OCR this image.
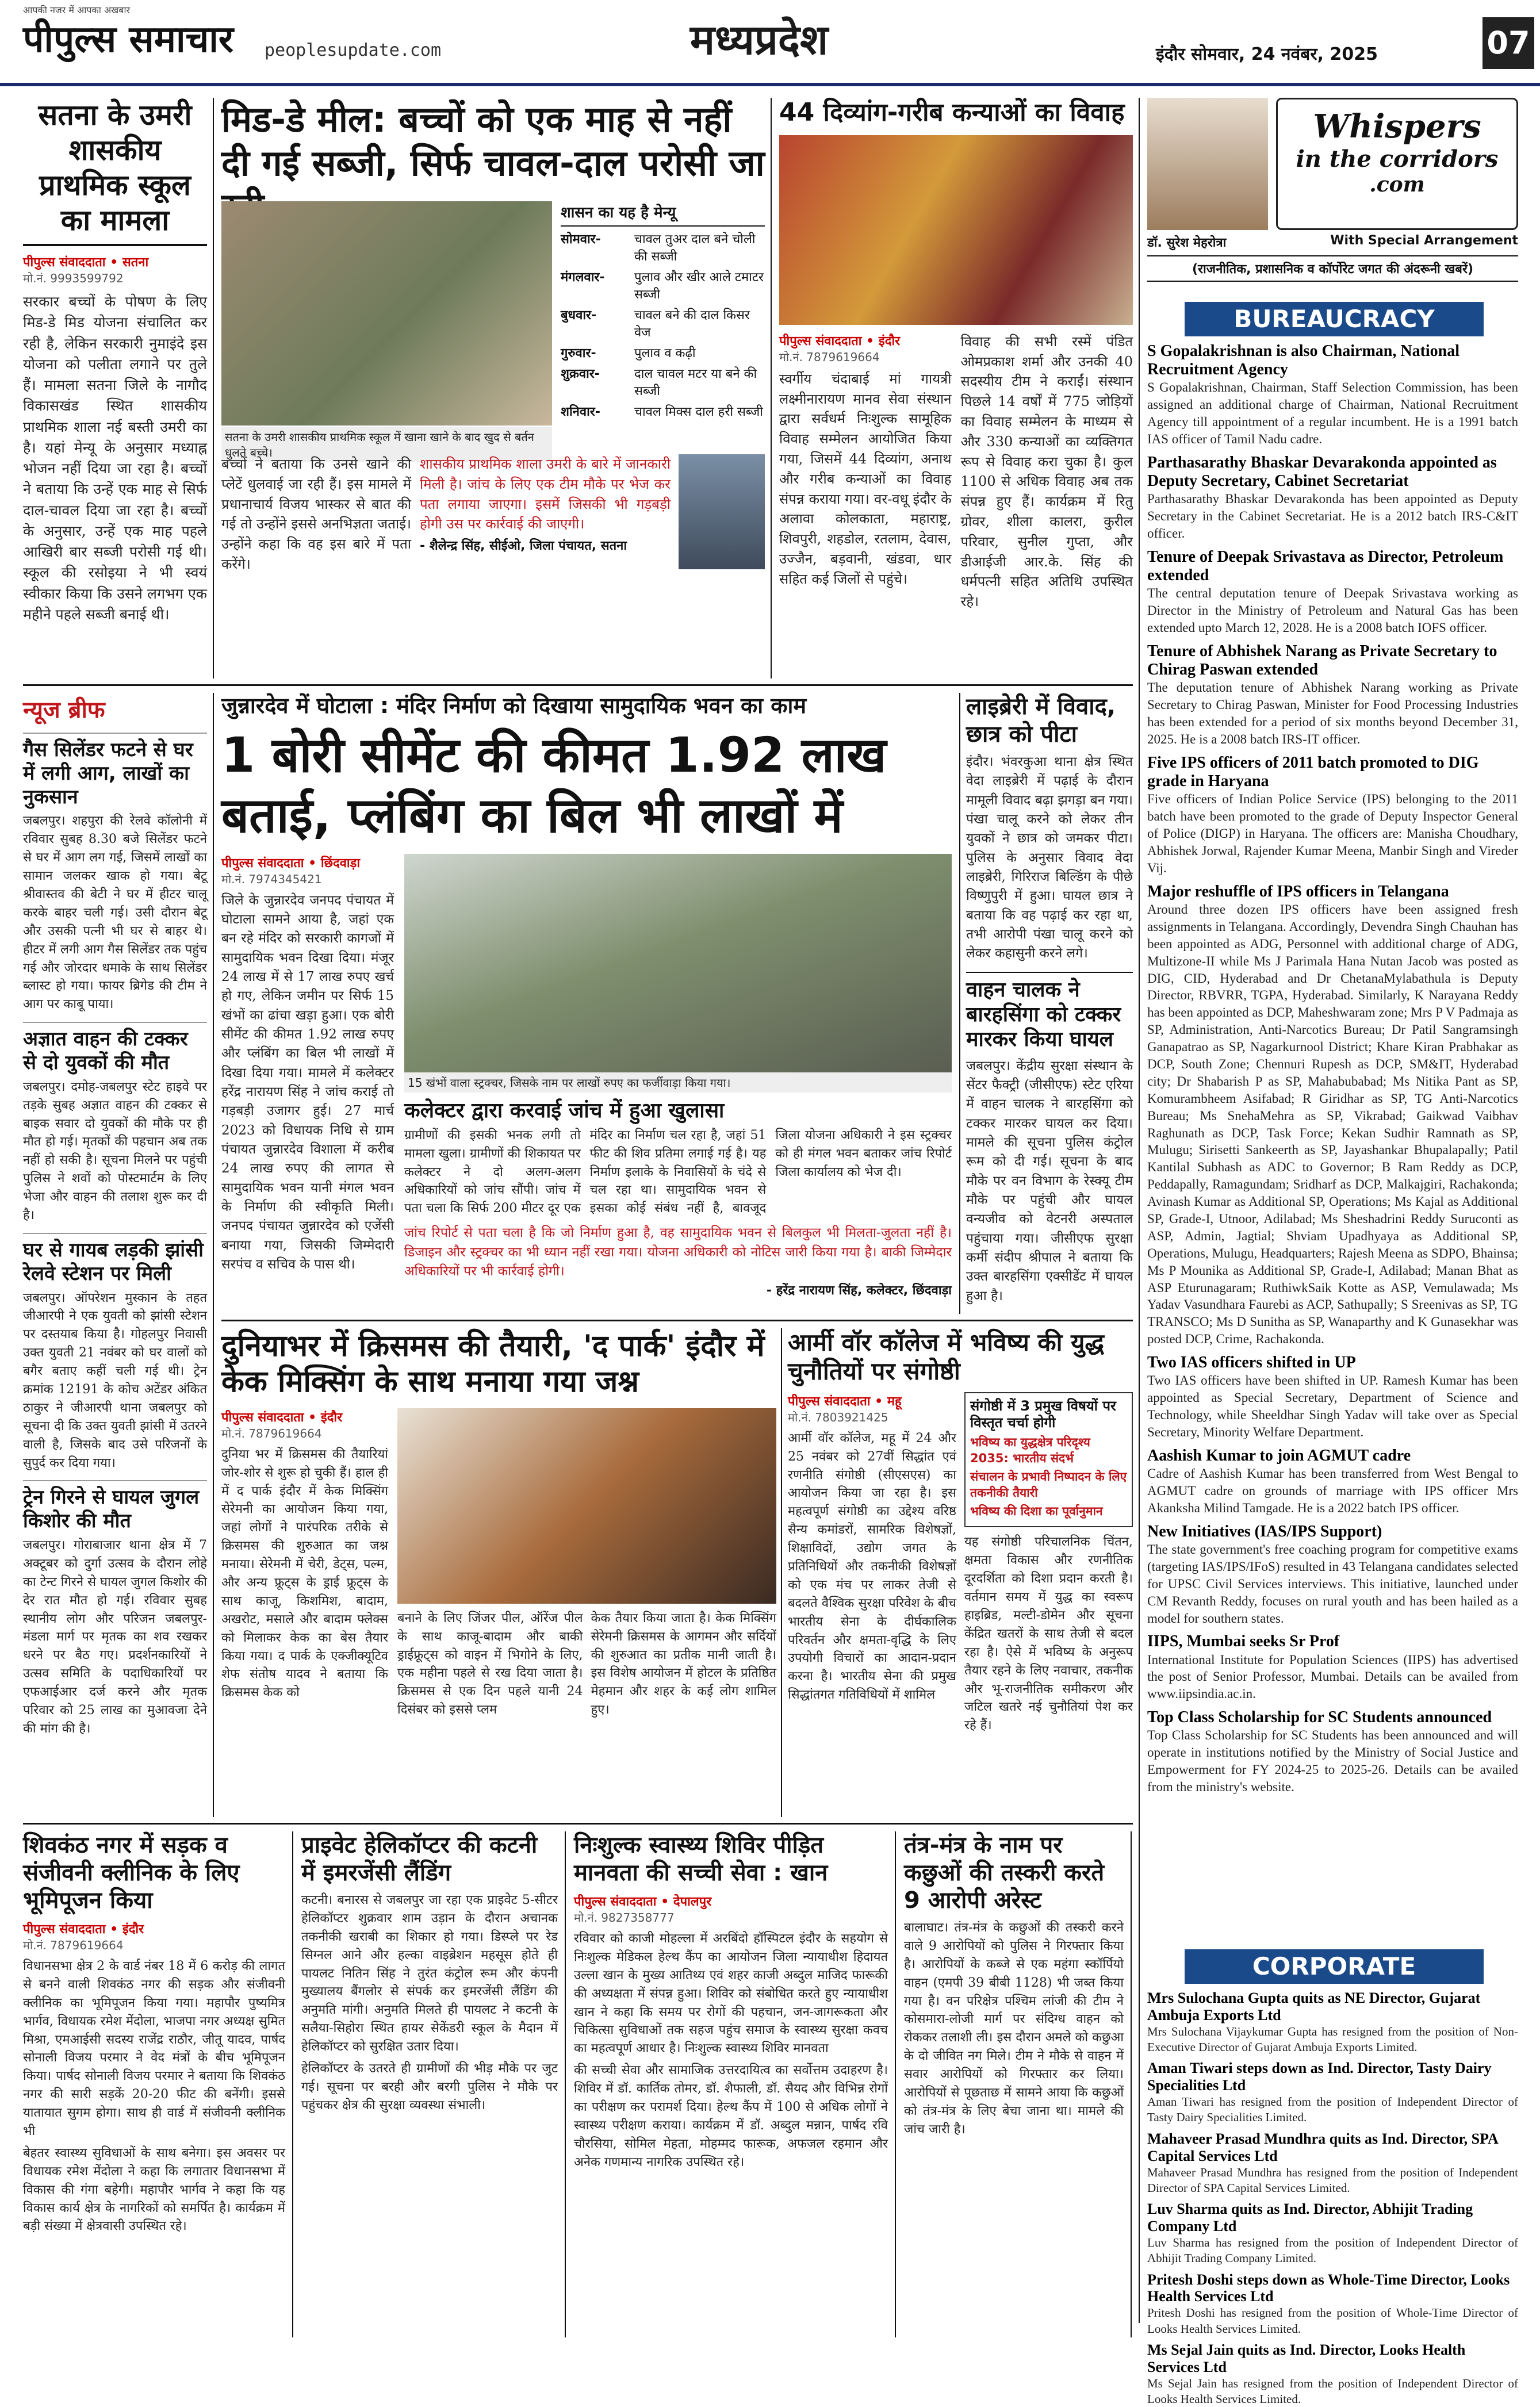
आपकी नजर में आपका अखबार
पीपुल्स समाचार peoplesupdate.com	मध्यप्रदेश	इंदौर सोमवार, 24 नवंबर, 2025	07
सतना के उमरी शासकीय प्राथमिक स्कूल का मामला
पीपुल्स संवाददाता • सतना
मो.नं. 9993599792
सरकार बच्चों के पोषण के लिए मिड-डे मिड योजना संचालित कर रही है, लेकिन सरकारी नुमाइंदे इस योजना को पलीता लगाने पर तुले हैं। मामला सतना जिले के नागौद विकासखंड स्थित शासकीय प्राथमिक शाला नई बस्ती उमरी का है। यहां मेन्यू के अनुसार मध्याह्न भोजन नहीं दिया जा रहा है। बच्चों ने बताया कि उन्हें एक माह से सिर्फ दाल-चावल दिया जा रहा है। बच्चों के अनुसार, उन्हें एक माह पहले आखिरी बार सब्जी परोसी गई थी। स्कूल की रसोइया ने भी स्वयं स्वीकार किया कि उसने लगभग एक महीने पहले सब्जी बनाई थी।
मिड-डे मील: बच्चों को एक माह से नहीं दी गई सब्जी, सिर्फ चावल-दाल परोसी जा
सतना के उमरी शासकीय प्राथमिक स्कूल में खाना खाने के बाद खुद से बर्तन धुलते बच्चे।
शासन का यह है मेन्यू
सोमवार-	चावल तुअर दाल बने चोली की सब्जी
मंगलवार-	पुलाव और खीर आले टमाटर सब्जी
बुधवार-	चावल बने की दाल किसर वेज
गुरुवार-	पुलाव व कढ़ी
शुक्रवार-	दाल चावल मटर या बने की सब्जी
शनिवार-	चावल मिक्स दाल हरी सब्जी
बच्चों ने बताया कि उनसे खाने की प्लेटें धुलवाई जा रही हैं। इस मामले में प्रधानाचार्य विजय भास्कर से बात की गई तो उन्होंने इससे अनभिज्ञता जताई। उन्होंने कहा कि वह इस बारे में पता करेंगे।
शासकीय प्राथमिक शाला उमरी के बारे में जानकारी मिली है। जांच के लिए एक टीम मौके पर भेज कर पता लगाया जाएगा। इसमें जिसकी भी गड़बड़ी होगी उस पर कार्रवाई की जाएगी।
- शैलेन्द्र सिंह, सीईओ, जिला पंचायत, सतना
44 दिव्यांग-गरीब कन्याओं का विवाह
पीपुल्स संवाददाता • इंदौर
मो.नं. 7879619664
स्वर्गीय चंदाबाई मां गायत्री लक्ष्मीनारायण मानव सेवा संस्थान द्वारा सर्वधर्म निःशुल्क सामूहिक विवाह सम्मेलन आयोजित किया गया, जिसमें 44 दिव्यांग, अनाथ और गरीब कन्याओं का विवाह संपन्न कराया गया। वर-वधू इंदौर के अलावा कोलकाता, महाराष्ट्र, शिवपुरी, शहडोल, रतलाम, देवास, उज्जैन, बड़वानी, खंडवा, धार सहित कई जिलों से पहुंचे।
विवाह की सभी रस्में पंडित ओमप्रकाश शर्मा और उनकी 40 सदस्यीय टीम ने कराईं। संस्थान पिछले 14 वर्षों में 775 जोड़ियों का विवाह सम्मेलन के माध्यम से और 330 कन्याओं का व्यक्तिगत रूप से विवाह करा चुका है। कुल 1100 से अधिक विवाह अब तक संपन्न हुए हैं। कार्यक्रम में रितु ग्रोवर, शीला कालरा, कुरील परिवार, सुनील गुप्ता, और डीआईजी आर.के. सिंह की धर्मपत्नी सहित अतिथि उपस्थित रहे।
Whispers
in the corridors
.com
डॉ. सुरेश मेहरोत्रा	With Special Arrangement
(राजनीतिक, प्रशासनिक व कॉर्पोरेट जगत की अंदरूनी खबरें)
BUREAUCRACY
S Gopalakrishnan is also Chairman, National Recruitment Agency
S Gopalakrishnan, Chairman, Staff Selection Commission, has been assigned an additional charge of Chairman, National Recruitment Agency till appointment of a regular incumbent. He is a 1991 batch IAS officer of Tamil Nadu cadre.
Parthasarathy Bhaskar Devarakonda appointed as Deputy Secretary, Cabinet Secretariat
Parthasarathy Bhaskar Devarakonda has been appointed as Deputy Secretary in the Cabinet Secretariat. He is a 2012 batch IRS-C&IT officer.
Tenure of Deepak Srivastava as Director, Petroleum extended
The central deputation tenure of Deepak Srivastava working as Director in the Ministry of Petroleum and Natural Gas has been extended upto March 12, 2028. He is a 2008 batch IOFS officer.
Tenure of Abhishek Narang as Private Secretary to Chirag Paswan extended
The deputation tenure of Abhishek Narang working as Private Secretary to Chirag Paswan, Minister for Food Processing Industries has been extended for a period of six months beyond December 31, 2025. He is a 2008 batch IRS-IT officer.
Five IPS officers of 2011 batch promoted to DIG grade in Haryana
Five officers of Indian Police Service (IPS) belonging to the 2011 batch have been promoted to the grade of Deputy Inspector General of Police (DIGP) in Haryana. The officers are: Manisha Choudhary, Abhishek Jorwal, Rajender Kumar Meena, Manbir Singh and Vireder Vij.
Major reshuffle of IPS officers in Telangana
Around three dozen IPS officers have been assigned fresh assignments in Telangana. Accordingly, Devendra Singh Chauhan has been appointed as ADG, Personnel with additional charge of ADG, Multizone-II while Ms J Parimala Hana Nutan Jacob was posted as DIG, CID, Hyderabad and Dr ChetanaMylabathula is Deputy Director, RBVRR, TGPA, Hyderabad. Similarly, K Narayana Reddy has been appointed as DCP, Maheshwaram zone; Mrs P V Padmaja as SP, Administration, Anti-Narcotics Bureau; Dr Patil Sangramsingh Ganapatrao as SP, Nagarkurnool District; Khare Kiran Prabhakar as DCP, South Zone; Chennuri Rupesh as DCP, SM&IT, Hyderabad city; Dr Shabarish P as SP, Mahabubabad; Ms Nitika Pant as SP, Komurambheem Asifabad; R Giridhar as SP, TG Anti-Narcotics Bureau; Ms SnehaMehra as SP, Vikrabad; Gaikwad Vaibhav Raghunath as DCP, Task Force; Kekan Sudhir Ramnath as SP, Mulugu; Sirisetti Sankeerth as SP, Jayashankar Bhupalapally; Patil Kantilal Subhash as ADC to Governor; B Ram Reddy as DCP, Peddapally, Ramagundam; Sridharf as DCP, Malkajgiri, Rachakonda; Avinash Kumar as Additional SP, Operations; Ms Kajal as Additional SP, Grade-I, Utnoor, Adilabad; Ms Sheshadrini Reddy Suruconti as ASP, Admin, Jagtial; Shviam Upadhyaya as Additional SP, Operations, Mulugu, Headquarters; Rajesh Meena as SDPO, Bhainsa; Ms P Mounika as Additional SP, Grade-I, Adilabad; Manan Bhat as ASP Eturunagaram; RuthiwkSaik Kotte as ASP, Vemulawada; Ms Yadav Vasundhara Faurebi as ACP, Sathupally; S Sreenivas as SP, TG TRANSCO; Ms D Sunitha as SP, Wanaparthy and K Gunasekhar was posted DCP, Crime, Rachakonda.
Two IAS officers shifted in UP
Two IAS officers have been shifted in UP. Ramesh Kumar has been appointed as Special Secretary, Department of Science and Technology, while Sheeldhar Singh Yadav will take over as Special Secretary, Minority Welfare Department.
Aashish Kumar to join AGMUT cadre
Cadre of Aashish Kumar has been transferred from West Bengal to AGMUT cadre on grounds of marriage with IPS officer Mrs Akanksha Milind Tamgade. He is a 2022 batch IPS officer.
New Initiatives (IAS/IPS Support)
The state government's free coaching program for competitive exams (targeting IAS/IPS/IFoS) resulted in 43 Telangana candidates selected for UPSC Civil Services interviews. This initiative, launched under CM Revanth Reddy, focuses on rural youth and has been hailed as a model for southern states.
IIPS, Mumbai seeks Sr Prof
International Institute for Population Sciences (IIPS) has advertised the post of Senior Professor, Mumbai. Details can be availed from www.iipsindia.ac.in.
Top Class Scholarship for SC Students announced
Top Class Scholarship for SC Students has been announced and will operate in institutions notified by the Ministry of Social Justice and Empowerment for FY 2024-25 to 2025-26. Details can be availed from the ministry's website.
CORPORATE
Mrs Sulochana Gupta quits as NE Director, Gujarat Ambuja Exports Ltd
Mrs Sulochana Vijaykumar Gupta has resigned from the position of Non-Executive Director of Gujarat Ambuja Exports Limited.
Aman Tiwari steps down as Ind. Director, Tasty Dairy Specialities Ltd
Aman Tiwari has resigned from the position of Independent Director of Tasty Dairy Specialities Limited.
Mahaveer Prasad Mundhra quits as Ind. Director, SPA Capital Services Ltd
Mahaveer Prasad Mundhra has resigned from the position of Independent Director of SPA Capital Services Limited.
Luv Sharma quits as Ind. Director, Abhijit Trading Company Ltd
Luv Sharma has resigned from the position of Independent Director of Abhijit Trading Company Limited.
Pritesh Doshi steps down as Whole-Time Director, Looks Health Services Ltd
Pritesh Doshi has resigned from the position of Whole-Time Director of Looks Health Services Limited.
Ms Sejal Jain quits as Ind. Director, Looks Health Services Ltd
Ms Sejal Jain has resigned from the position of Independent Director of Looks Health Services Limited.
न्यूज ब्रीफ
गैस सिलेंडर फटने से घर में लगी आग, लाखों का नुकसान
जबलपुर। शहपुरा की रेलवे कॉलोनी में रविवार सुबह 8.30 बजे सिलेंडर फटने से घर में आग लग गई, जिसमें लाखों का सामान जलकर खाक हो गया। बेटू श्रीवास्तव की बेटी ने घर में हीटर चालू करके बाहर चली गई। उसी दौरान बेटू और उसकी पत्नी भी घर से बाहर थे। हीटर में लगी आग गैस सिलेंडर तक पहुंच गई और जोरदार धमाके के साथ सिलेंडर ब्लास्ट हो गया। फायर ब्रिगेड की टीम ने आग पर काबू पाया।
अज्ञात वाहन की टक्कर से दो युवकों की मौत
जबलपुर। दमोह-जबलपुर स्टेट हाइवे पर तड़के सुबह अज्ञात वाहन की टक्कर से बाइक सवार दो युवकों की मौके पर ही मौत हो गई। मृतकों की पहचान अब तक नहीं हो सकी है। सूचना मिलने पर पहुंची पुलिस ने शवों को पोस्टमार्टम के लिए भेजा और वाहन की तलाश शुरू कर दी है।
घर से गायब लड़की झांसी रेलवे स्टेशन पर मिली
जबलपुर। ऑपरेशन मुस्कान के तहत जीआरपी ने एक युवती को झांसी स्टेशन पर दस्तयाब किया है। गोहलपुर निवासी उक्त युवती 21 नवंबर को घर वालों को बगैर बताए कहीं चली गई थी। ट्रेन क्रमांक 12191 के कोच अटेंडर अंकित ठाकुर ने जीआरपी थाना जबलपुर को सूचना दी कि उक्त युवती झांसी में उतरने वाली है, जिसके बाद उसे परिजनों के सुपुर्द कर दिया गया।
ट्रेन गिरने से घायल जुगल किशोर की मौत
जबलपुर। गोराबाजार थाना क्षेत्र में 7 अक्टूबर को दुर्गा उत्सव के दौरान लोहे का टेन्ट गिरने से घायल जुगल किशोर की देर रात मौत हो गई। रविवार सुबह स्थानीय लोग और परिजन जबलपुर-मंडला मार्ग पर मृतक का शव रखकर धरने पर बैठ गए। प्रदर्शनकारियों ने उत्सव समिति के पदाधिकारियों पर एफआईआर दर्ज करने और मृतक परिवार को 25 लाख का मुआवजा देने की मांग की है।
जुन्नारदेव में घोटाला : मंदिर निर्माण को दिखाया सामुदायिक भवन का काम
1 बोरी सीमेंट की कीमत 1.92 लाख बताई, प्लंबिंग का बिल भी लाखों में
पीपुल्स संवाददाता • छिंदवाड़ा
मो.नं. 7974345421
जिले के जुन्नारदेव जनपद पंचायत में घोटाला सामने आया है, जहां एक बन रहे मंदिर को सरकारी कागजों में सामुदायिक भवन दिखा दिया। मंजूर 24 लाख में से 17 लाख रुपए खर्च हो गए, लेकिन जमीन पर सिर्फ 15 खंभों का ढांचा खड़ा हुआ। एक बोरी सीमेंट की कीमत 1.92 लाख रुपए और प्लंबिंग का बिल भी लाखों में दिखा दिया गया। मामले में कलेक्टर हरेंद्र नारायण सिंह ने जांच कराई तो गड़बड़ी उजागर हुई। 27 मार्च 2023 को विधायक निधि से ग्राम पंचायत जुन्नारदेव विशाला में करीब 24 लाख रुपए की लागत से सामुदायिक भवन यानी मंगल भवन के निर्माण की स्वीकृति मिली। जनपद पंचायत जुन्नारदेव को एजेंसी बनाया गया, जिसकी जिम्मेदारी सरपंच व सचिव के पास थी।
15 खंभों वाला स्ट्रक्चर, जिसके नाम पर लाखों रुपए का फर्जीवाड़ा किया गया।
कलेक्टर द्वारा करवाई जांच में हुआ खुलासा
ग्रामीणों की इसकी भनक लगी तो मामला खुला। ग्रामीणों की शिकायत पर कलेक्टर ने दो अलग-अलग अधिकारियों को जांच सौंपी। जांच में पता चला कि सिर्फ 200 मीटर दूर एक मंदिर का निर्माण चल रहा है, जहां 51 फीट की शिव प्रतिमा लगाई गई है। यह निर्माण इलाके के निवासियों के चंदे से चल रहा था। सामुदायिक भवन से इसका कोई संबंध नहीं है, बावजूद जिला योजना अधिकारी ने इस स्ट्रक्चर को ही मंगल भवन बताकर जांच रिपोर्ट जिला कार्यालय को भेज दी।
जांच रिपोर्ट से पता चला है कि जो निर्माण हुआ है, वह सामुदायिक भवन से बिलकुल भी मिलता-जुलता नहीं है। डिजाइन और स्ट्रक्चर का भी ध्यान नहीं रखा गया। योजना अधिकारी को नोटिस जारी किया गया है। बाकी जिम्मेदार अधिकारियों पर भी कार्रवाई होगी।
- हरेंद्र नारायण सिंह, कलेक्टर, छिंदवाड़ा
लाइब्रेरी में विवाद, छात्र को पीटा
इंदौर। भंवरकुआ थाना क्षेत्र स्थित वेदा लाइब्रेरी में पढ़ाई के दौरान मामूली विवाद बढ़ा झगड़ा बन गया। पंखा चालू करने को लेकर तीन युवकों ने छात्र को जमकर पीटा। पुलिस के अनुसार विवाद वेदा लाइब्रेरी, गिरिराज बिल्डिंग के पीछे विष्णुपुरी में हुआ। घायल छात्र ने बताया कि वह पढ़ाई कर रहा था, तभी आरोपी पंखा चालू करने को लेकर कहासुनी करने लगे।
वाहन चालक ने बारहसिंगा को टक्कर मारकर किया घायल
जबलपुर। केंद्रीय सुरक्षा संस्थान के सेंटर फैक्ट्री (जीसीएफ) स्टेट एरिया में वाहन चालक ने बारहसिंगा को टक्कर मारकर घायल कर दिया। मामले की सूचना पुलिस कंट्रोल रूम को दी गई। सूचना के बाद मौके पर वन विभाग के रेस्क्यू टीम मौके पर पहुंची और घायल वन्यजीव को वेटनरी अस्पताल पहुंचाया गया। जीसीएफ सुरक्षा कर्मी संदीप श्रीपाल ने बताया कि उक्त बारहसिंगा एक्सीडेंट में घायल हुआ है।
दुनियाभर में क्रिसमस की तैयारी, 'द पार्क' इंदौर में केक मिक्सिंग के साथ मनाया गया जश्न
पीपुल्स संवाददाता • इंदौर
मो.नं. 7879619664
दुनिया भर में क्रिसमस की तैयारियां जोर-शोर से शुरू हो चुकी हैं। हाल ही में द पार्क इंदौर में केक मिक्सिंग सेरेमनी का आयोजन किया गया, जहां लोगों ने पारंपरिक तरीके से क्रिसमस की शुरुआत का जश्न मनाया। सेरेमनी में चेरी, डेट्स, पल्म, और अन्य फ्रूट्स के ड्राई फ्रूट्स के साथ काजू, किशमिश, बादाम, अखरोट, मसाले और बादाम फ्लेक्स को मिलाकर केक का बेस तैयार किया गया। द पार्क के एक्जीक्यूटिव शेफ संतोष यादव ने बताया कि क्रिसमस केक को
बनाने के लिए जिंजर पील, ऑरेंज पील के साथ काजू-बादाम और बाकी ड्राईफ्रूट्स को वाइन में भिगोने के लिए, एक महीना पहले से रख दिया जाता है। क्रिसमस से एक दिन पहले यानी 24 दिसंबर को इससे प्लम
केक तैयार किया जाता है। केक मिक्सिंग सेरेमनी क्रिसमस के आगमन और सर्दियों की शुरुआत का प्रतीक मानी जाती है। इस विशेष आयोजन में होटल के प्रतिष्ठित मेहमान और शहर के कई लोग शामिल हुए।
आर्मी वॉर कॉलेज में भविष्य की युद्ध चुनौतियों पर संगोष्ठी
पीपुल्स संवाददाता • महू
मो.नं. 7803921425
आर्मी वॉर कॉलेज, महू में 24 और 25 नवंबर को 27वीं सिद्धांत एवं रणनीति संगोष्ठी (सीएसएस) का आयोजन किया जा रहा है। इस महत्वपूर्ण संगोष्ठी का उद्देश्य वरिष्ठ सैन्य कमांडरों, सामरिक विशेषज्ञों, शिक्षाविदों, उद्योग जगत के प्रतिनिधियों और तकनीकी विशेषज्ञों को एक मंच पर लाकर तेजी से बदलते वैश्विक सुरक्षा परिवेश के बीच भारतीय सेना के दीर्घकालिक परिवर्तन और क्षमता-वृद्धि के लिए उपयोगी विचारों का आदान-प्रदान करना है। भारतीय सेना की प्रमुख सिद्धांतगत गतिविधियों में शामिल
संगोष्ठी में 3 प्रमुख विषयों पर विस्तृत चर्चा होगी
भविष्य का युद्धक्षेत्र परिदृश्य 2035: भारतीय संदर्भ
संचालन के प्रभावी निष्पादन के लिए तकनीकी तैयारी
भविष्य की दिशा का पूर्वानुमान
यह संगोष्ठी परिचालनिक चिंतन, क्षमता विकास और रणनीतिक दूरदर्शिता को दिशा प्रदान करती है। वर्तमान समय में युद्ध का स्वरूप हाइब्रिड, मल्टी-डोमेन और सूचना केंद्रित खतरों के साथ तेजी से बदल रहा है। ऐसे में भविष्य के अनुरूप तैयार रहने के लिए नवाचार, तकनीक और भू-राजनीतिक समीकरण और जटिल खतरे नई चुनौतियां पेश कर रहे हैं।
शिवकंठ नगर में सड़क व संजीवनी क्लीनिक के लिए भूमिपूजन किया
पीपुल्स संवाददाता • इंदौर
मो.नं. 7879619664
विधानसभा क्षेत्र 2 के वार्ड नंबर 18 में 6 करोड़ की लागत से बनने वाली शिवकंठ नगर की सड़क और संजीवनी क्लीनिक का भूमिपूजन किया गया। महापौर पुष्यमित्र भार्गव, विधायक रमेश मेंदोला, भाजपा नगर अध्यक्ष सुमित मिश्रा, एमआईसी सदस्य राजेंद्र राठौर, जीतू यादव, पार्षद सोनाली विजय परमार ने वेद मंत्रों के बीच भूमिपूजन किया। पार्षद सोनाली विजय परमार ने बताया कि शिवकंठ नगर की सारी सड़कें 20-20 फीट की बनेंगी। इससे यातायात सुगम होगा। साथ ही वार्ड में संजीवनी क्लीनिक भी
बेहतर स्वास्थ्य सुविधाओं के साथ बनेगा। इस अवसर पर विधायक रमेश मेंदोला ने कहा कि लगातार विधानसभा में विकास की गंगा बहेगी। महापौर भार्गव ने कहा कि यह विकास कार्य क्षेत्र के नागरिकों को समर्पित है। कार्यक्रम में बड़ी संख्या में क्षेत्रवासी उपस्थित रहे।
प्राइवेट हेलिकॉप्टर की कटनी में इमरजेंसी लैंडिंग
कटनी। बनारस से जबलपुर जा रहा एक प्राइवेट 5-सीटर हेलिकॉप्टर शुक्रवार शाम उड़ान के दौरान अचानक तकनीकी खराबी का शिकार हो गया। डिस्प्ले पर रेड सिग्नल आने और हल्का वाइब्रेशन महसूस होते ही पायलट नितिन सिंह ने तुरंत कंट्रोल रूम और कंपनी मुख्यालय बैंगलोर से संपर्क कर इमरजेंसी लैंडिंग की अनुमति मांगी। अनुमति मिलते ही पायलट ने कटनी के सलैया-सिहोरा स्थित हायर सेकेंडरी स्कूल के मैदान में हेलिकॉप्टर को सुरक्षित उतार दिया।
हेलिकॉप्टर के उतरते ही ग्रामीणों की भीड़ मौके पर जुट गई। सूचना पर बरही और बरगी पुलिस ने मौके पर पहुंचकर क्षेत्र की सुरक्षा व्यवस्था संभाली।
निःशुल्क स्वास्थ्य शिविर पीड़ित मानवता की सच्ची सेवा : खान
पीपुल्स संवाददाता • देपालपुर
मो.नं. 9827358777
रविवार को काजी मोहल्ला में अरबिंदो हॉस्पिटल इंदौर के सहयोग से निःशुल्क मेडिकल हेल्थ कैंप का आयोजन जिला न्यायाधीश हिदायत उल्ला खान के मुख्य आतिथ्य एवं शहर काजी अब्दुल माजिद फारूकी की अध्यक्षता में संपन्न हुआ। शिविर को संबोधित करते हुए न्यायाधीश खान ने कहा कि समय पर रोगों की पहचान, जन-जागरूकता और चिकित्सा सुविधाओं तक सहज पहुंच समाज के स्वास्थ्य सुरक्षा कवच का महत्वपूर्ण आधार है। निःशुल्क स्वास्थ्य शिविर मानवता
की सच्ची सेवा और सामाजिक उत्तरदायित्व का सर्वोत्तम उदाहरण है। शिविर में डॉ. कार्तिक तोमर, डॉ. शैफाली, डॉ. सैयद और विभिन्न रोगों का परीक्षण कर परामर्श दिया। हेल्थ कैंप में 100 से अधिक लोगों ने स्वास्थ्य परीक्षण कराया। कार्यक्रम में डॉ. अब्दुल मन्नान, पार्षद रवि चौरसिया, सोमिल मेहता, मोहम्मद फारूक, अफजल रहमान और अनेक गणमान्य नागरिक उपस्थित रहे।
तंत्र-मंत्र के नाम पर कछुओं की तस्करी करते 9 आरोपी अरेस्ट
बालाघाट। तंत्र-मंत्र के कछुओं की तस्करी करने वाले 9 आरोपियों को पुलिस ने गिरफ्तार किया है। आरोपियों के कब्जे से एक महंगा स्कॉर्पियो वाहन (एमपी 39 बीबी 1128) भी जब्त किया गया है। वन परिक्षेत्र पश्चिम लांजी की टीम ने कोसमारा-लोजी मार्ग पर संदिग्ध वाहन को रोककर तलाशी ली। इस दौरान अमले को कछुआ के दो जीवित नग मिले। टीम ने मौके से वाहन में सवार आरोपियों को गिरफ्तार कर लिया। आरोपियों से पूछताछ में सामने आया कि कछुओं को तंत्र-मंत्र के लिए बेचा जाना था। मामले की जांच जारी है।
